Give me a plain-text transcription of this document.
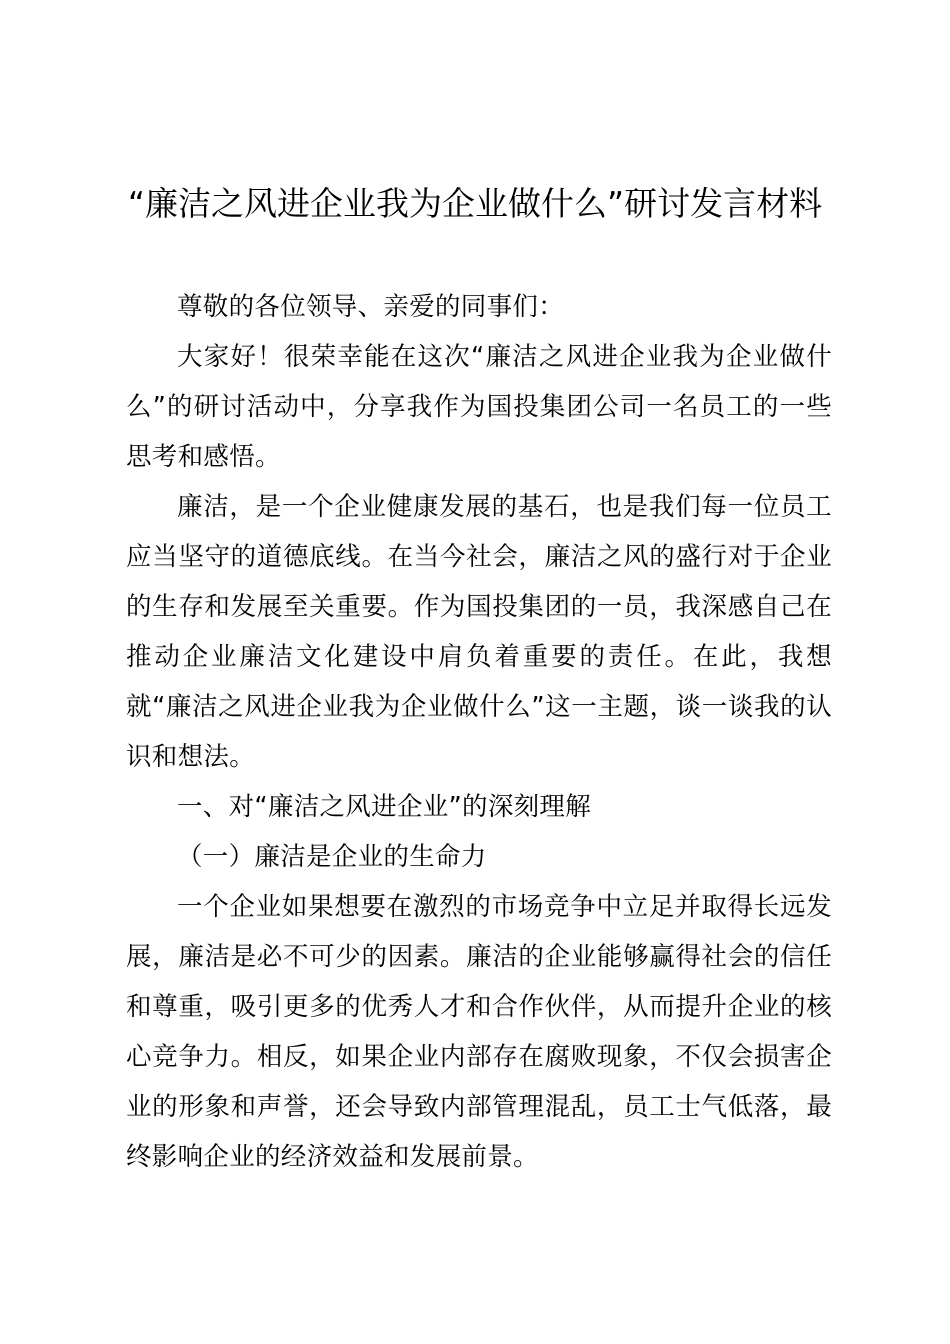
“廉洁之风进企业我为企业做什么”研讨发言材料

尊敬的各位领导、亲爱的同事们：

大家好！很荣幸能在这次“廉洁之风进企业我为企业做什么”的研讨活动中，分享我作为国投集团公司一名员工的一些思考和感悟。

廉洁，是一个企业健康发展的基石，也是我们每一位员工应当坚守的道德底线。在当今社会，廉洁之风的盛行对于企业的生存和发展至关重要。作为国投集团的一员，我深感自己在推动企业廉洁文化建设中肩负着重要的责任。在此，我想就“廉洁之风进企业我为企业做什么”这一主题，谈一谈我的认识和想法。

一、对“廉洁之风进企业”的深刻理解

（一）廉洁是企业的生命力

一个企业如果想要在激烈的市场竞争中立足并取得长远发展，廉洁是必不可少的因素。廉洁的企业能够赢得社会的信任和尊重，吸引更多的优秀人才和合作伙伴，从而提升企业的核心竞争力。相反，如果企业内部存在腐败现象，不仅会损害企业的形象和声誉，还会导致内部管理混乱，员工士气低落，最终影响企业的经济效益和发展前景。
